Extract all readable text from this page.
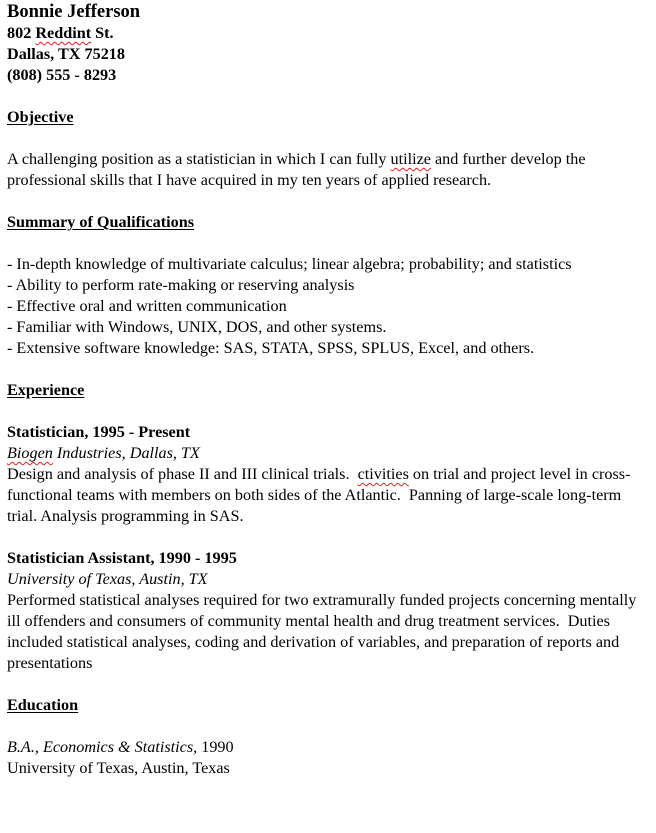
Bonnie Jefferson
802 Reddint St.
Dallas, TX 75218
(808) 555 - 8293
Objective
A challenging position as a statistician in which I can fully utilize and further develop the professional skills that I have acquired in my ten years of applied research.
Summary of Qualifications
- In-depth knowledge of multivariate calculus; linear algebra; probability; and statistics
- Ability to perform rate-making or reserving analysis
- Effective oral and written communication
- Familiar with Windows, UNIX, DOS, and other systems.
- Extensive software knowledge: SAS, STATA, SPSS, SPLUS, Excel, and others.
Experience
Statistician, 1995 - Present
Biogen Industries, Dallas, TX
Design and analysis of phase II and III clinical trials.  ctivities on trial and project level in cross-functional teams with members on both sides of the Atlantic.  Panning of large-scale long-term trial. Analysis programming in SAS.
Statistician Assistant, 1990 - 1995
University of Texas, Austin, TX
Performed statistical analyses required for two extramurally funded projects concerning mentally ill offenders and consumers of community mental health and drug treatment services.  Duties included statistical analyses, coding and derivation of variables, and preparation of reports and presentations
Education
B.A., Economics & Statistics, 1990
University of Texas, Austin, Texas
